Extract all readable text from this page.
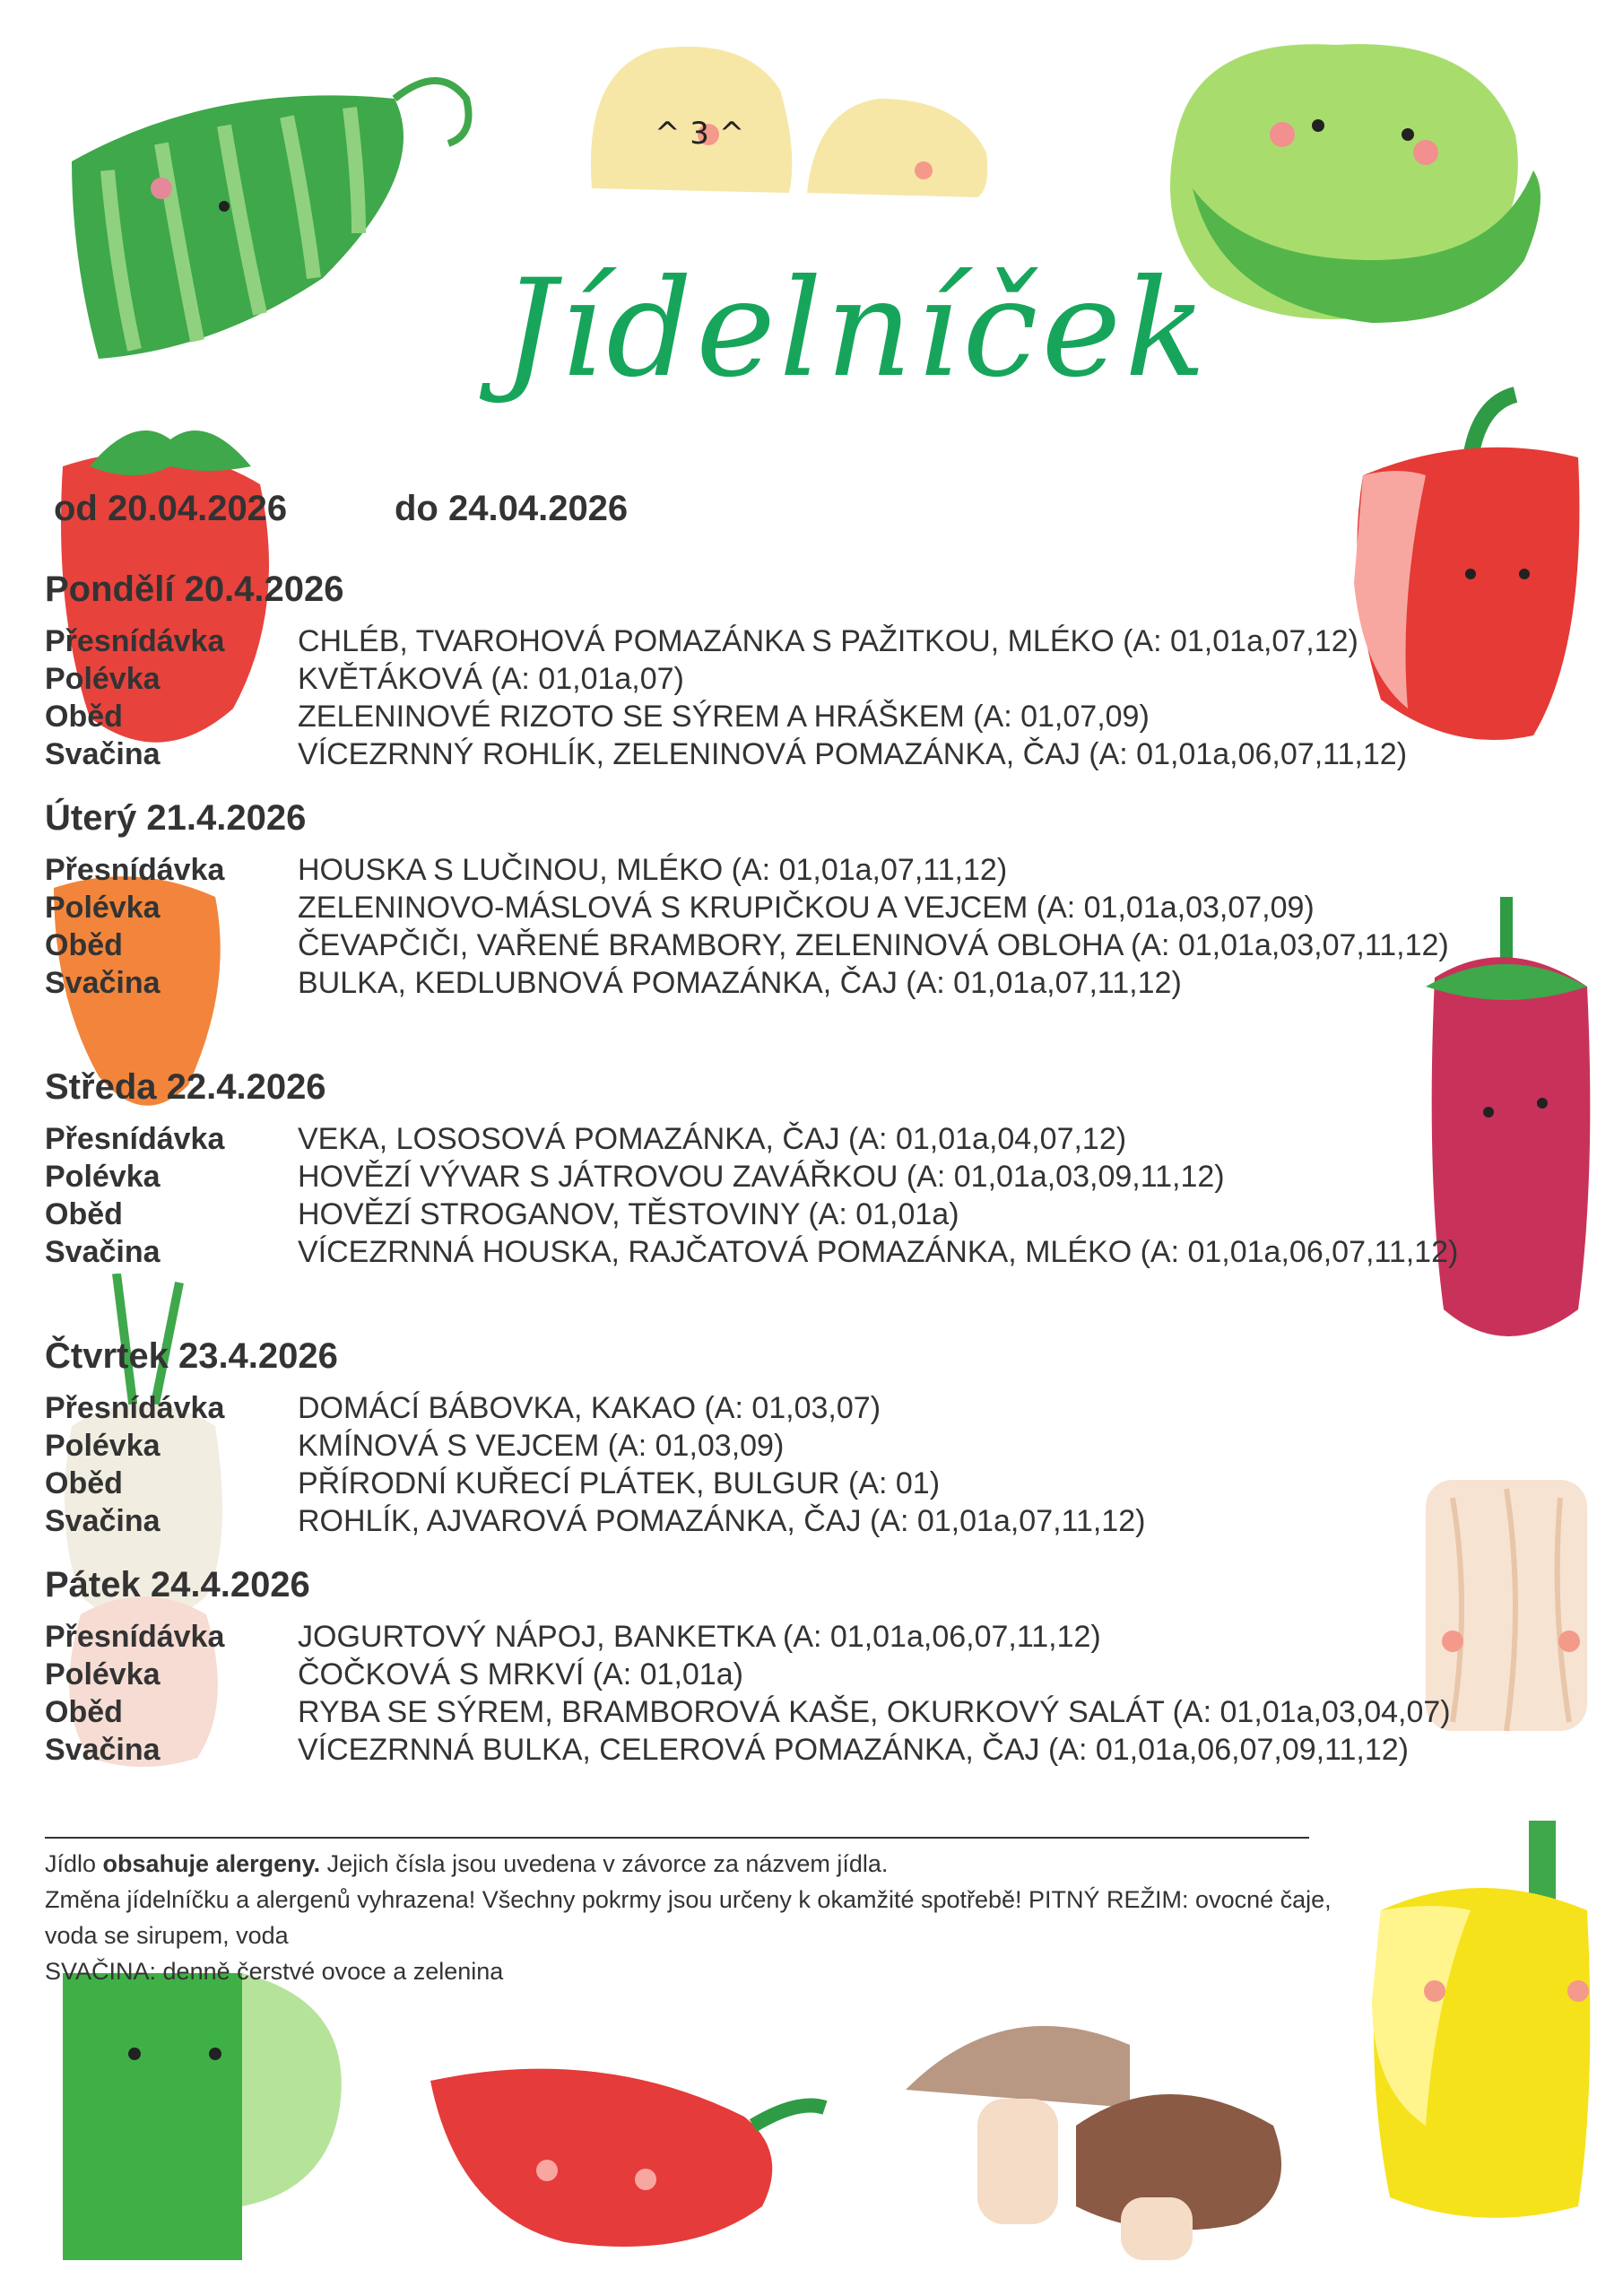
^ 3 ^
Jídelníček
od 20.04.2026	do 24.04.2026
Pondělí 20.4.2026
Přesnídávka	CHLÉB, TVAROHOVÁ POMAZÁNKA S PAŽITKOU, MLÉKO (A: 01,01a,07,12)
Polévka	KVĚTÁKOVÁ (A: 01,01a,07)
Oběd	ZELENINOVÉ RIZOTO SE SÝREM A HRÁŠKEM (A: 01,07,09)
Svačina	VÍCEZRNNÝ ROHLÍK, ZELENINOVÁ POMAZÁNKA, ČAJ (A: 01,01a,06,07,11,12)
Úterý 21.4.2026
Přesnídávka	HOUSKA S LUČINOU, MLÉKO (A: 01,01a,07,11,12)
Polévka	ZELENINOVO-MÁSLOVÁ S KRUPIČKOU A VEJCEM (A: 01,01a,03,07,09)
Oběd	ČEVAPČIČI, VAŘENÉ BRAMBORY, ZELENINOVÁ OBLOHA (A: 01,01a,03,07,11,12)
Svačina	BULKA, KEDLUBNOVÁ POMAZÁNKA, ČAJ (A: 01,01a,07,11,12)
Středa 22.4.2026
Přesnídávka	VEKA, LOSOSOVÁ POMAZÁNKA, ČAJ (A: 01,01a,04,07,12)
Polévka	HOVĚZÍ VÝVAR S JÁTROVOU ZAVÁŘKOU (A: 01,01a,03,09,11,12)
Oběd	HOVĚZÍ STROGANOV, TĚSTOVINY (A: 01,01a)
Svačina	VÍCEZRNNÁ HOUSKA, RAJČATOVÁ POMAZÁNKA, MLÉKO (A: 01,01a,06,07,11,12)
Čtvrtek 23.4.2026
Přesnídávka	DOMÁCÍ BÁBOVKA, KAKAO (A: 01,03,07)
Polévka	KMÍNOVÁ S VEJCEM (A: 01,03,09)
Oběd	PŘÍRODNÍ KUŘECÍ PLÁTEK, BULGUR (A: 01)
Svačina	ROHLÍK, AJVAROVÁ POMAZÁNKA, ČAJ (A: 01,01a,07,11,12)
Pátek 24.4.2026
Přesnídávka	JOGURTOVÝ NÁPOJ, BANKETKA (A: 01,01a,06,07,11,12)
Polévka	ČOČKOVÁ S MRKVÍ (A: 01,01a)
Oběd	RYBA SE SÝREM, BRAMBOROVÁ KAŠE, OKURKOVÝ SALÁT (A: 01,01a,03,04,07)
Svačina	VÍCEZRNNÁ BULKA, CELEROVÁ POMAZÁNKA, ČAJ (A: 01,01a,06,07,09,11,12)
Jídlo obsahuje alergeny. Jejich čísla jsou uvedena v závorce za názvem jídla.
Změna jídelníčku a alergenů vyhrazena! Všechny pokrmy jsou určeny k okamžité spotřebě! PITNÝ REŽIM: ovocné čaje, voda se sirupem, voda
SVAČINA: denně čerstvé ovoce a zelenina
